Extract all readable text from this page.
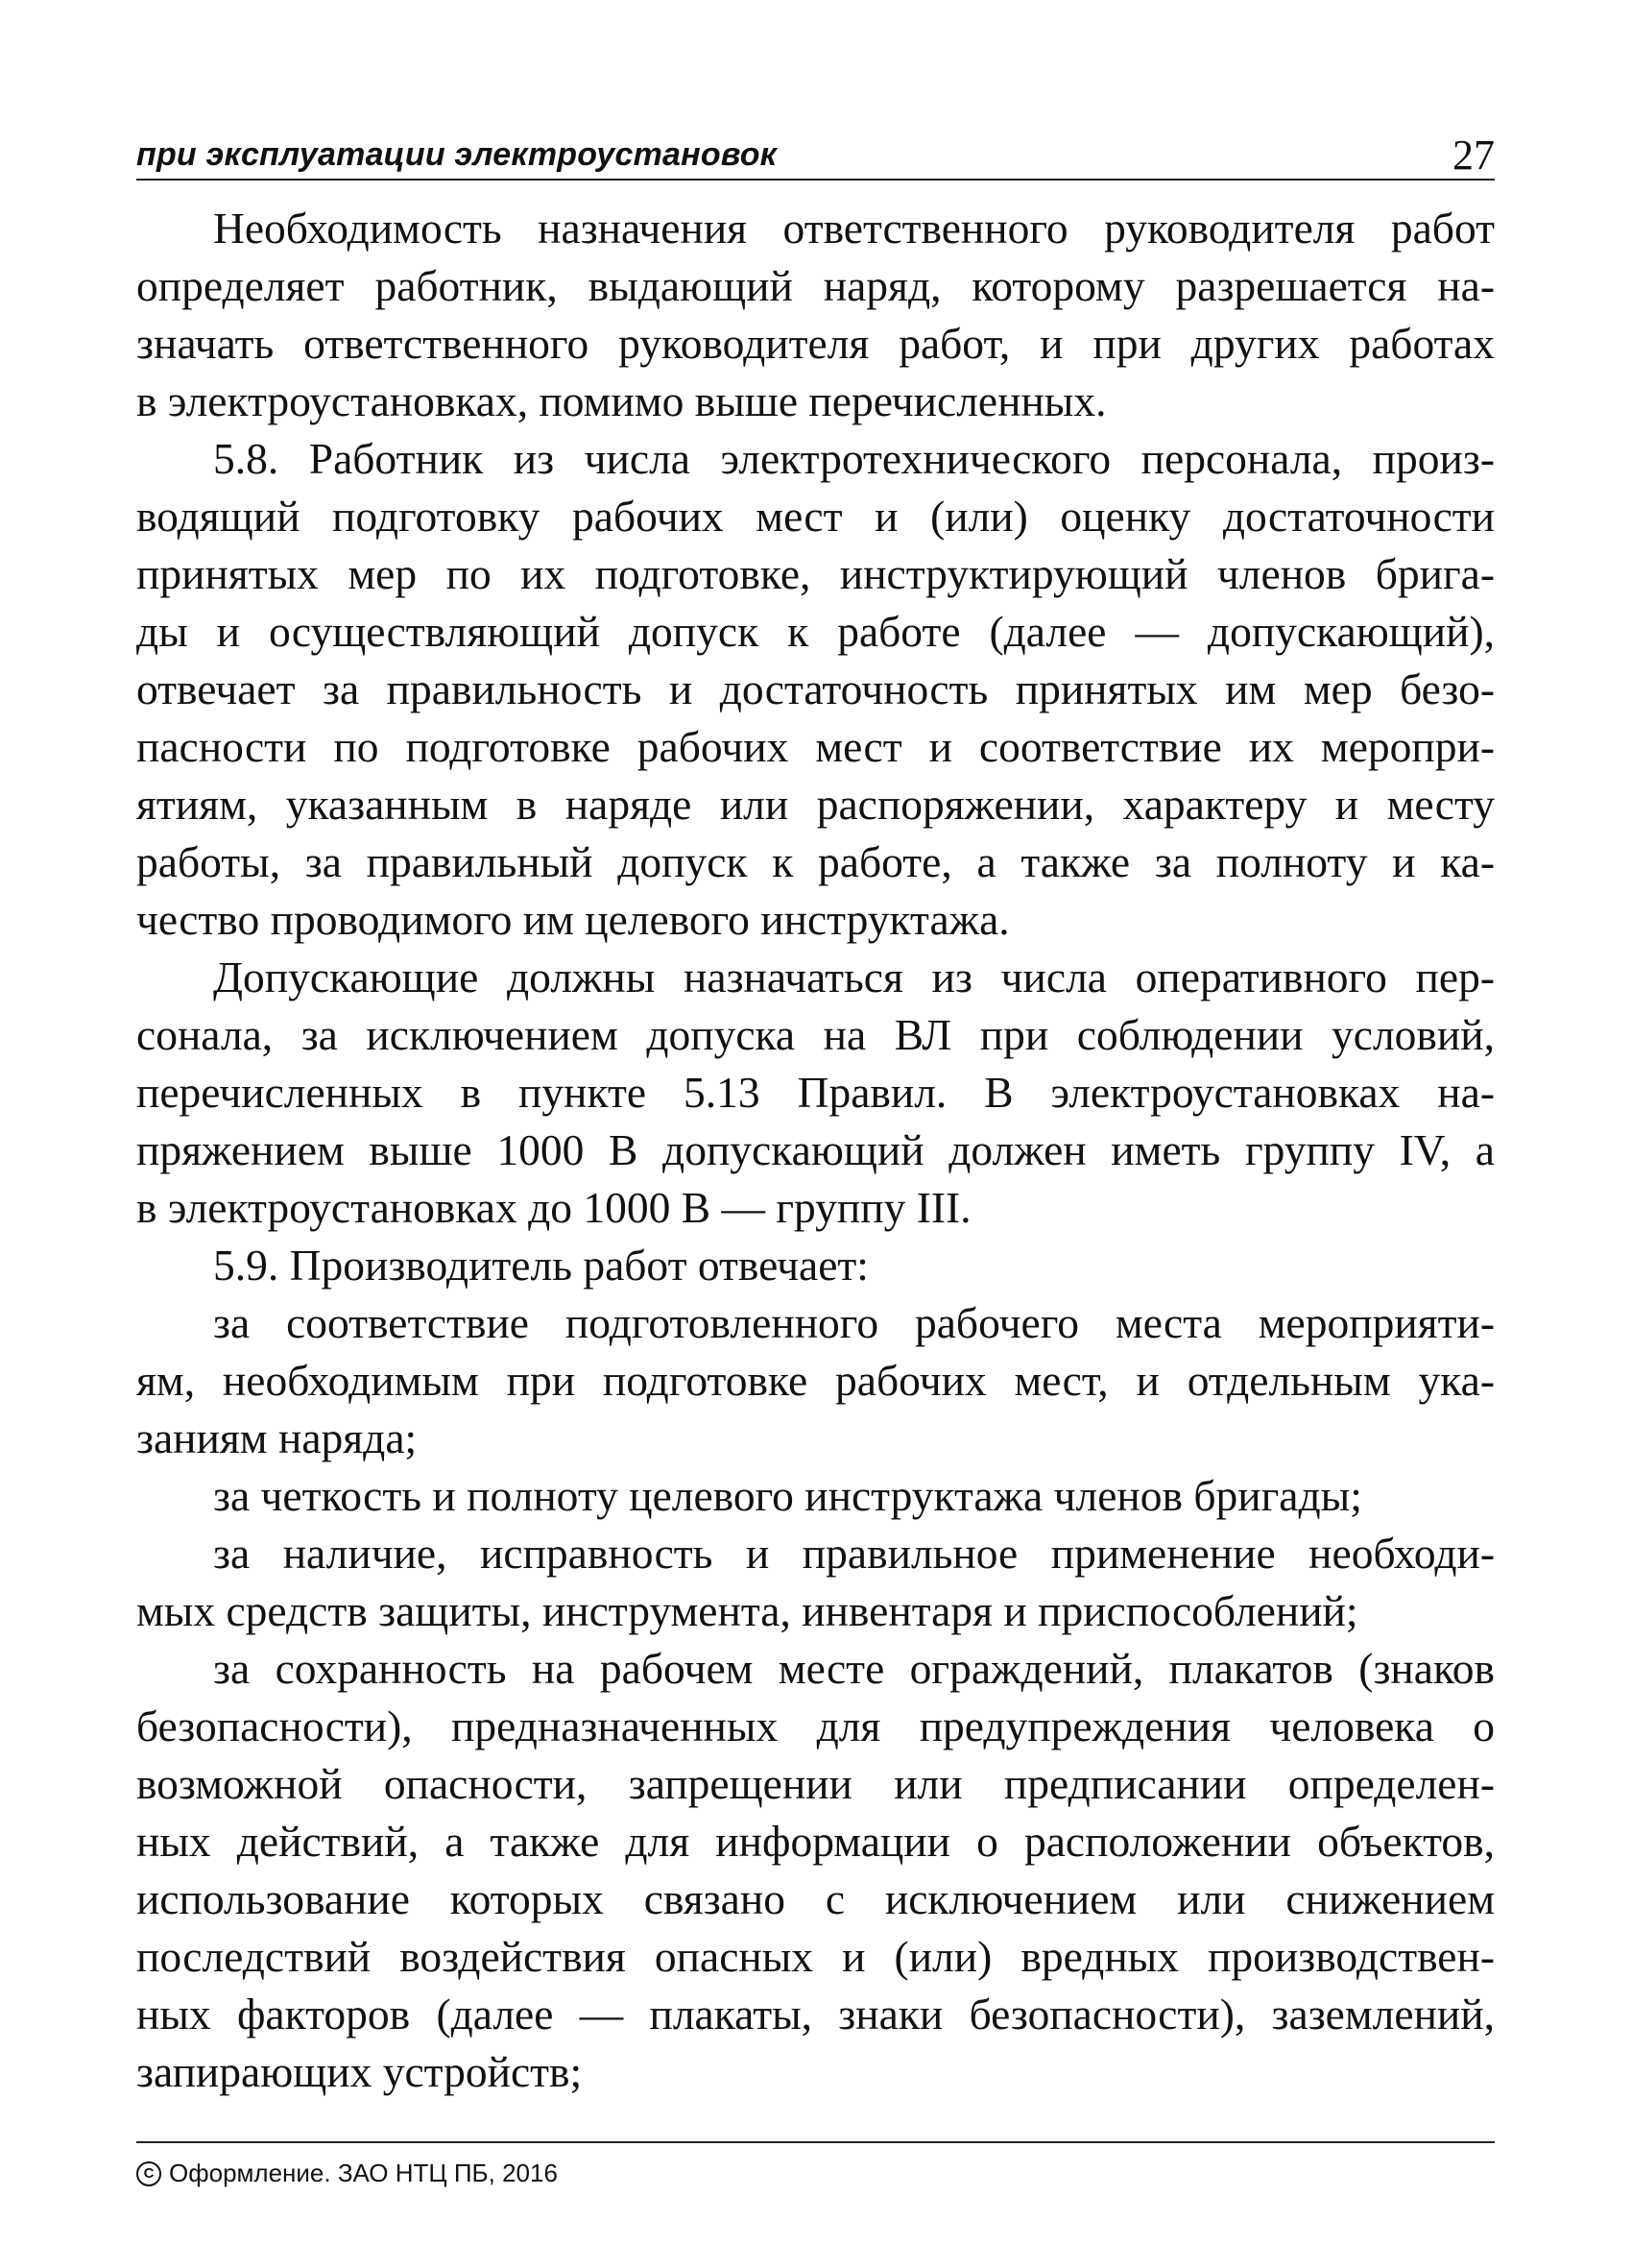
при эксплуатации электроустановок	27
Необходимость назначения ответственного руководителя работ
определяет работник, выдающий наряд, которому разрешается на-
значать ответственного руководителя работ, и при других работах
в электроустановках, помимо выше перечисленных.
5.8. Работник из числа электротехнического персонала, произ-
водящий подготовку рабочих мест и (или) оценку достаточности
принятых мер по их подготовке, инструктирующий членов брига-
ды и осуществляющий допуск к работе (далее — допускающий),
отвечает за правильность и достаточность принятых им мер безо-
пасности по подготовке рабочих мест и соответствие их меропри-
ятиям, указанным в наряде или распоряжении, характеру и месту
работы, за правильный допуск к работе, а также за полноту и ка-
чество проводимого им целевого инструктажа.
Допускающие должны назначаться из числа оперативного пер-
сонала, за исключением допуска на ВЛ при соблюдении условий,
перечисленных в пункте 5.13 Правил. В электроустановках на-
пряжением выше 1000 В допускающий должен иметь группу IV, а
в электроустановках до 1000 В — группу III.
5.9. Производитель работ отвечает:
за соответствие подготовленного рабочего места мероприяти-
ям, необходимым при подготовке рабочих мест, и отдельным ука-
заниям наряда;
за четкость и полноту целевого инструктажа членов бригады;
за наличие, исправность и правильное применение необходи-
мых средств защиты, инструмента, инвентаря и приспособлений;
за сохранность на рабочем месте ограждений, плакатов (знаков
безопасности), предназначенных для предупреждения человека о
возможной опасности, запрещении или предписании определен-
ных действий, а также для информации о расположении объектов,
использование которых связано с исключением или снижением
последствий воздействия опасных и (или) вредных производствен-
ных факторов (далее — плакаты, знаки безопасности), заземлений,
запирающих устройств;
C Оформление. ЗАО НТЦ ПБ, 2016
